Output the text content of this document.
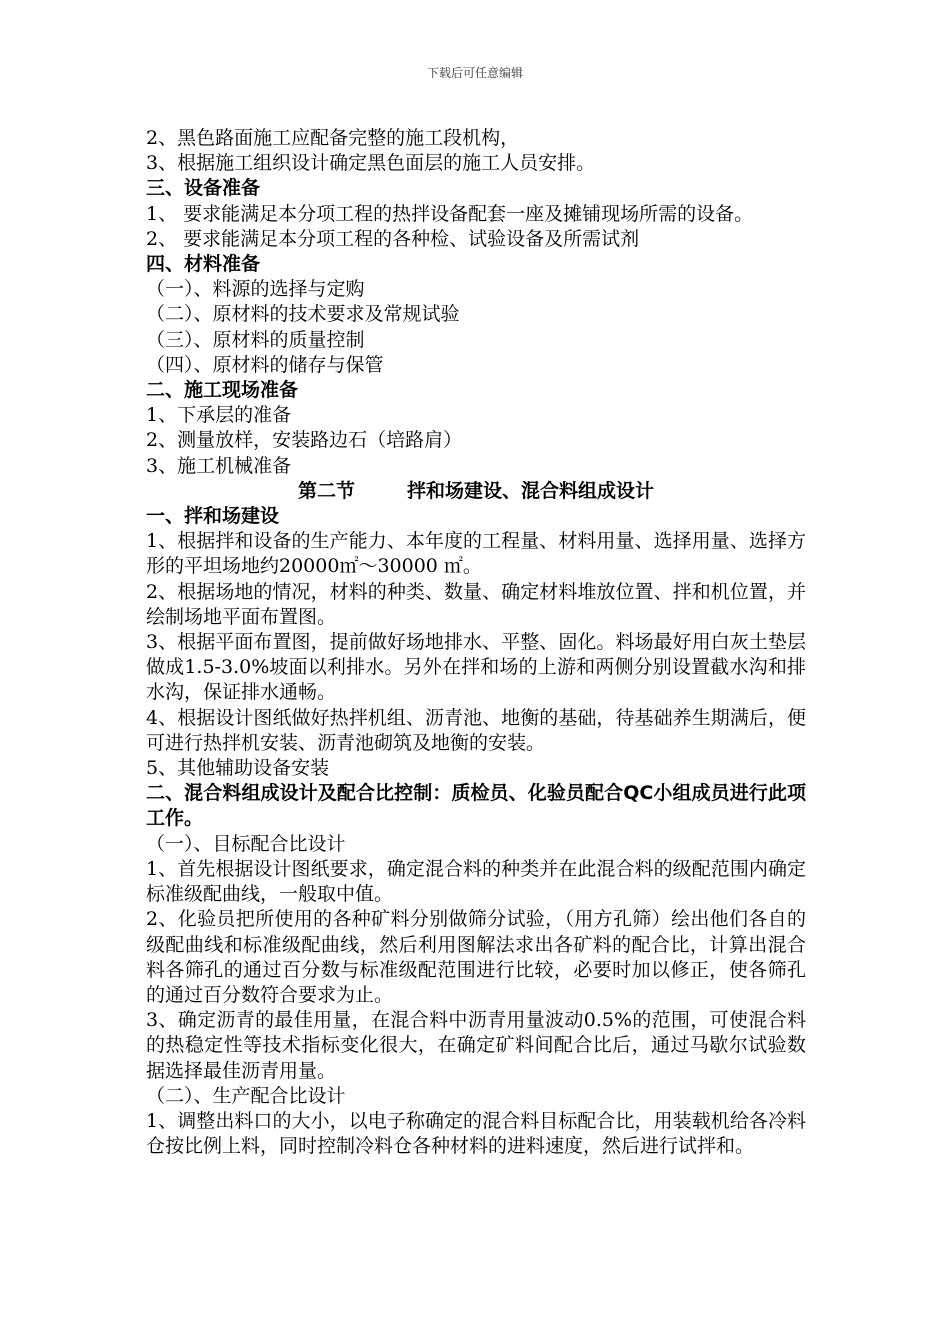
下载后可任意编辑

2、黑色路面施工应配备完整的施工段机构，

3、根据施工组织设计确定黑色面层的施工人员安排。

三、设备准备

1、 要求能满足本分项工程的热拌设备配套一座及摊铺现场所需的设备。

2、 要求能满足本分项工程的各种检、试验设备及所需试剂

四、材料准备

（一）、料源的选择与定购

（二）、原材料的技术要求及常规试验

（三）、原材料的质量控制

（四）、原材料的储存与保管

二、施工现场准备

1、下承层的准备

2、测量放样，安装路边石（培路肩）

3、施工机械准备

第二节	拌和场建设、混合料组成设计

一、拌和场建设

1、根据拌和设备的生产能力、本年度的工程量、材料用量、选择用量、选择方形的平坦场地约20000㎡～30000 ㎡。

2、根据场地的情况，材料的种类、数量、确定材料堆放位置、拌和机位置，并绘制场地平面布置图。

3、根据平面布置图，提前做好场地排水、平整、固化。料场最好用白灰土垫层做成1.5-3.0%坡面以利排水。另外在拌和场的上游和两侧分别设置截水沟和排水沟，保证排水通畅。

4、根据设计图纸做好热拌机组、沥青池、地衡的基础，待基础养生期满后，便可进行热拌机安装、沥青池砌筑及地衡的安装。

5、其他辅助设备安装

二、混合料组成设计及配合比控制：质检员、化验员配合QC小组成员进行此项工作。

（一）、目标配合比设计

1、首先根据设计图纸要求，确定混合料的种类并在此混合料的级配范围内确定标准级配曲线，一般取中值。

2、化验员把所使用的各种矿料分别做筛分试验，（用方孔筛）绘出他们各自的级配曲线和标准级配曲线，然后利用图解法求出各矿料的配合比，计算出混合料各筛孔的通过百分数与标准级配范围进行比较，必要时加以修正，使各筛孔的通过百分数符合要求为止。

3、确定沥青的最佳用量，在混合料中沥青用量波动0.5%的范围，可使混合料的热稳定性等技术指标变化很大，在确定矿料间配合比后，通过马歇尔试验数据选择最佳沥青用量。

（二）、生产配合比设计

1、调整出料口的大小，以电子称确定的混合料目标配合比，用装载机给各冷料仓按比例上料，同时控制冷料仓各种材料的进料速度，然后进行试拌和。
